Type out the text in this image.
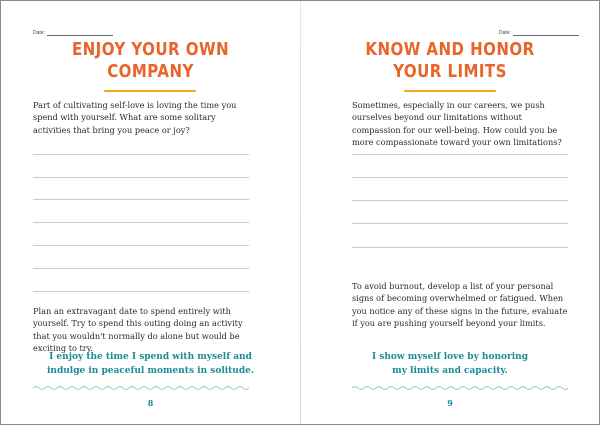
Date:
ENJOY YOUR OWN
COMPANY
Part of cultivating self-love is loving the time you spend with yourself. What are some solitary activities that bring you peace or joy?
Plan an extravagant date to spend entirely with yourself. Try to spend this outing doing an activity that you wouldn't normally do alone but would be exciting to try.
I enjoy the time I spend with myself and
indulge in peaceful moments in solitude.
8
Date:
KNOW AND HONOR
YOUR LIMITS
Sometimes, especially in our careers, we push ourselves beyond our limitations without compassion for our well-being. How could you be more compassionate toward your own limitations?
To avoid burnout, develop a list of your personal signs of becoming overwhelmed or fatigued. When you notice any of these signs in the future, evaluate if you are pushing yourself beyond your limits.
I show myself love by honoring
my limits and capacity.
9
